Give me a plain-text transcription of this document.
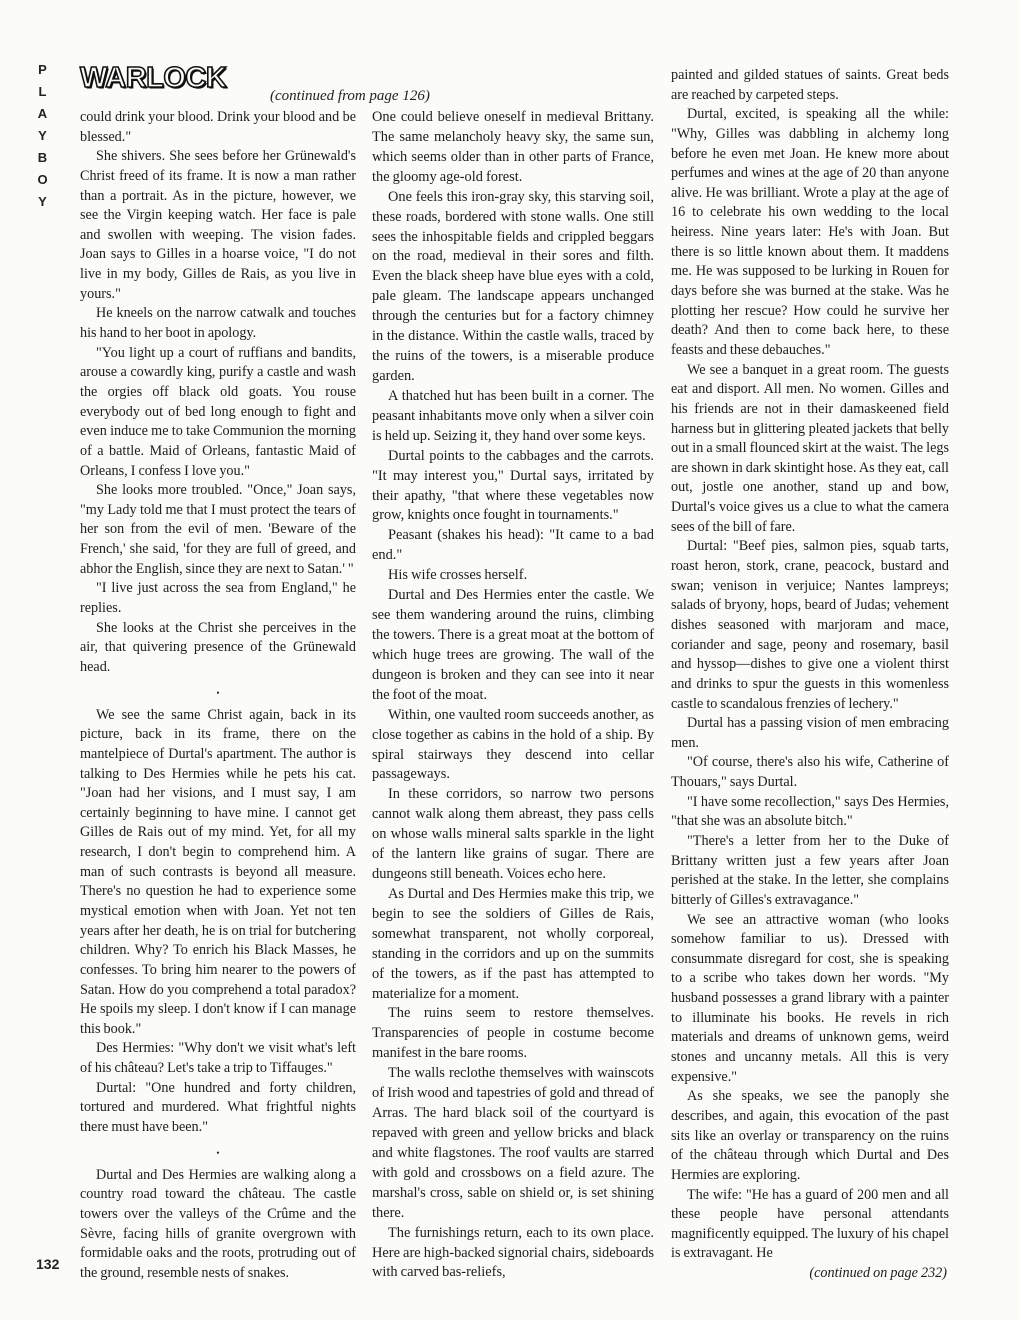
PLAYBOY WARLOCK
(continued from page 126)

could drink your blood. Drink your blood and be blessed."

She shivers. She sees before her Grünewald's Christ freed of its frame. It is now a man rather than a portrait. As in the picture, however, we see the Virgin keeping watch. Her face is pale and swollen with weeping. The vision fades. Joan says to Gilles in a hoarse voice, "I do not live in my body, Gilles de Rais, as you live in yours."

He kneels on the narrow catwalk and touches his hand to her boot in apology.

"You light up a court of ruffians and bandits, arouse a cowardly king, purify a castle and wash the orgies off black old goats. You rouse everybody out of bed long enough to fight and even induce me to take Communion the morning of a battle. Maid of Orleans, fantastic Maid of Orleans, I confess I love you."

She looks more troubled. "Once," Joan says, "my Lady told me that I must protect the tears of her son from the evil of men. 'Beware of the French,' she said, 'for they are full of greed, and abhor the English, since they are next to Satan.' "

"I live just across the sea from England," he replies.

She looks at the Christ she perceives in the air, that quivering presence of the Grünewald head.

•

We see the same Christ again, back in its picture, back in its frame, there on the mantelpiece of Durtal's apartment. The author is talking to Des Hermies while he pets his cat. "Joan had her visions, and I must say, I am certainly beginning to have mine. I cannot get Gilles de Rais out of my mind. Yet, for all my research, I don't begin to comprehend him. A man of such contrasts is beyond all measure. There's no question he had to experience some mystical emotion when with Joan. Yet not ten years after her death, he is on trial for butchering children. Why? To enrich his Black Masses, he confesses. To bring him nearer to the powers of Satan. How do you comprehend a total paradox? He spoils my sleep. I don't know if I can manage this book."

Des Hermies: "Why don't we visit what's left of his château? Let's take a trip to Tiffauges."

Durtal: "One hundred and forty children, tortured and murdered. What frightful nights there must have been."

•

Durtal and Des Hermies are walking along a country road toward the château. The castle towers over the valleys of the Crûme and the Sèvre, facing hills of granite overgrown with formidable oaks and the roots, protruding out of the ground, resemble nests of snakes.

One could believe oneself in medieval Brittany. The same melancholy heavy sky, the same sun, which seems older than in other parts of France, the gloomy age-old forest.

One feels this iron-gray sky, this starving soil, these roads, bordered with stone walls. One still sees the inhospitable fields and crippled beggars on the road, medieval in their sores and filth. Even the black sheep have blue eyes with a cold, pale gleam. The landscape appears unchanged through the centuries but for a factory chimney in the distance. Within the castle walls, traced by the ruins of the towers, is a miserable produce garden.

A thatched hut has been built in a corner. The peasant inhabitants move only when a silver coin is held up. Seizing it, they hand over some keys.

Durtal points to the cabbages and the carrots. "It may interest you," Durtal says, irritated by their apathy, "that where these vegetables now grow, knights once fought in tournaments."

Peasant (shakes his head): "It came to a bad end."

His wife crosses herself.

Durtal and Des Hermies enter the castle. We see them wandering around the ruins, climbing the towers. There is a great moat at the bottom of which huge trees are growing. The wall of the dungeon is broken and they can see into it near the foot of the moat.

Within, one vaulted room succeeds another, as close together as cabins in the hold of a ship. By spiral stairways they descend into cellar passageways.

In these corridors, so narrow two persons cannot walk along them abreast, they pass cells on whose walls mineral salts sparkle in the light of the lantern like grains of sugar. There are dungeons still beneath. Voices echo here.

As Durtal and Des Hermies make this trip, we begin to see the soldiers of Gilles de Rais, somewhat transparent, not wholly corporeal, standing in the corridors and up on the summits of the towers, as if the past has attempted to materialize for a moment.

The ruins seem to restore themselves. Transparencies of people in costume become manifest in the bare rooms.

The walls reclothe themselves with wainscots of Irish wood and tapestries of gold and thread of Arras. The hard black soil of the courtyard is repaved with green and yellow bricks and black and white flagstones. The roof vaults are starred with gold and crossbows on a field azure. The marshal's cross, sable on shield or, is set shining there.

The furnishings return, each to its own place. Here are high-backed signorial chairs, sideboards with carved bas-reliefs,

painted and gilded statues of saints. Great beds are reached by carpeted steps.

Durtal, excited, is speaking all the while: "Why, Gilles was dabbling in alchemy long before he even met Joan. He knew more about perfumes and wines at the age of 20 than anyone alive. He was brilliant. Wrote a play at the age of 16 to celebrate his own wedding to the local heiress. Nine years later: He's with Joan. But there is so little known about them. It maddens me. He was supposed to be lurking in Rouen for days before she was burned at the stake. Was he plotting her rescue? How could he survive her death? And then to come back here, to these feasts and these debauches."

We see a banquet in a great room. The guests eat and disport. All men. No women. Gilles and his friends are not in their damaskeened field harness but in glittering pleated jackets that belly out in a small flounced skirt at the waist. The legs are shown in dark skintight hose. As they eat, call out, jostle one another, stand up and bow, Durtal's voice gives us a clue to what the camera sees of the bill of fare.

Durtal: "Beef pies, salmon pies, squab tarts, roast heron, stork, crane, peacock, bustard and swan; venison in verjuice; Nantes lampreys; salads of bryony, hops, beard of Judas; vehement dishes seasoned with marjoram and mace, coriander and sage, peony and rosemary, basil and hyssop—dishes to give one a violent thirst and drinks to spur the guests in this womenless castle to scandalous frenzies of lechery."

Durtal has a passing vision of men embracing men.

"Of course, there's also his wife, Catherine of Thouars," says Durtal.

"I have some recollection," says Des Hermies, "that she was an absolute bitch."

"There's a letter from her to the Duke of Brittany written just a few years after Joan perished at the stake. In the letter, she complains bitterly of Gilles's extravagance."

We see an attractive woman (who looks somehow familiar to us). Dressed with consummate disregard for cost, she is speaking to a scribe who takes down her words. "My husband possesses a grand library with a painter to illuminate his books. He revels in rich materials and dreams of unknown gems, weird stones and uncanny metals. All this is very expensive."

As she speaks, we see the panoply she describes, and again, this evocation of the past sits like an overlay or transparency on the ruins of the château through which Durtal and Des Hermies are exploring.

The wife: "He has a guard of 200 men and all these people have personal attendants magnificently equipped. The luxury of his chapel is extravagant. He

(continued on page 232)
132
